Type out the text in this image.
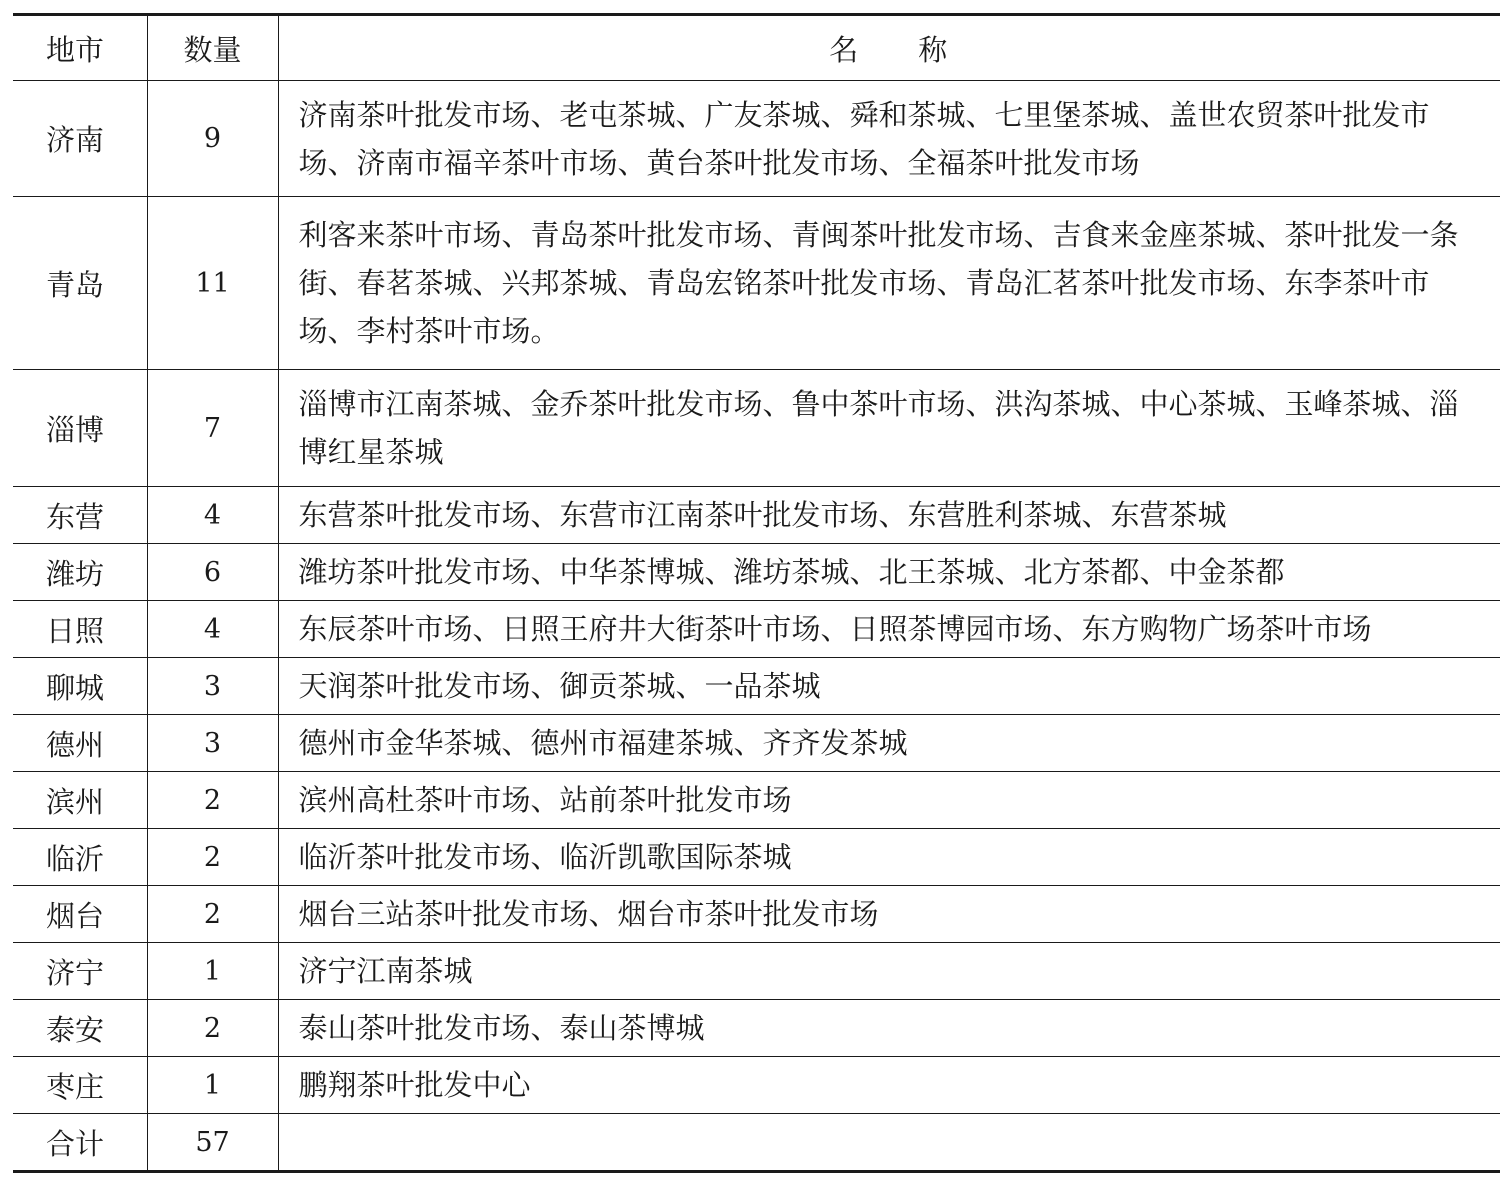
地市	数量	名 称
济南	9	济南茶叶批发市场、老屯茶城、广友茶城、舜和茶城、七里堡茶城、盖世农贸茶叶批发市场、济南市福辛茶叶市场、黄台茶叶批发市场、全福茶叶批发市场
青岛	11	利客来茶叶市场、青岛茶叶批发市场、青闽茶叶批发市场、吉食来金座茶城、茶叶批发一条街、春茗茶城、兴邦茶城、青岛宏铭茶叶批发市场、青岛汇茗茶叶批发市场、东李茶叶市场、李村茶叶市场。
淄博	7	淄博市江南茶城、金乔茶叶批发市场、鲁中茶叶市场、洪沟茶城、中心茶城、玉峰茶城、淄博红星茶城
东营	4	东营茶叶批发市场、东营市江南茶叶批发市场、东营胜利茶城、东营茶城
潍坊	6	潍坊茶叶批发市场、中华茶博城、潍坊茶城、北王茶城、北方茶都、中金茶都
日照	4	东辰茶叶市场、日照王府井大街茶叶市场、日照茶博园市场、东方购物广场茶叶市场
聊城	3	天润茶叶批发市场、御贡茶城、一品茶城
德州	3	德州市金华茶城、德州市福建茶城、齐齐发茶城
滨州	2	滨州高杜茶叶市场、站前茶叶批发市场
临沂	2	临沂茶叶批发市场、临沂凯歌国际茶城
烟台	2	烟台三站茶叶批发市场、烟台市茶叶批发市场
济宁	1	济宁江南茶城
泰安	2	泰山茶叶批发市场、泰山茶博城
枣庄	1	鹏翔茶叶批发中心
合计	57	
